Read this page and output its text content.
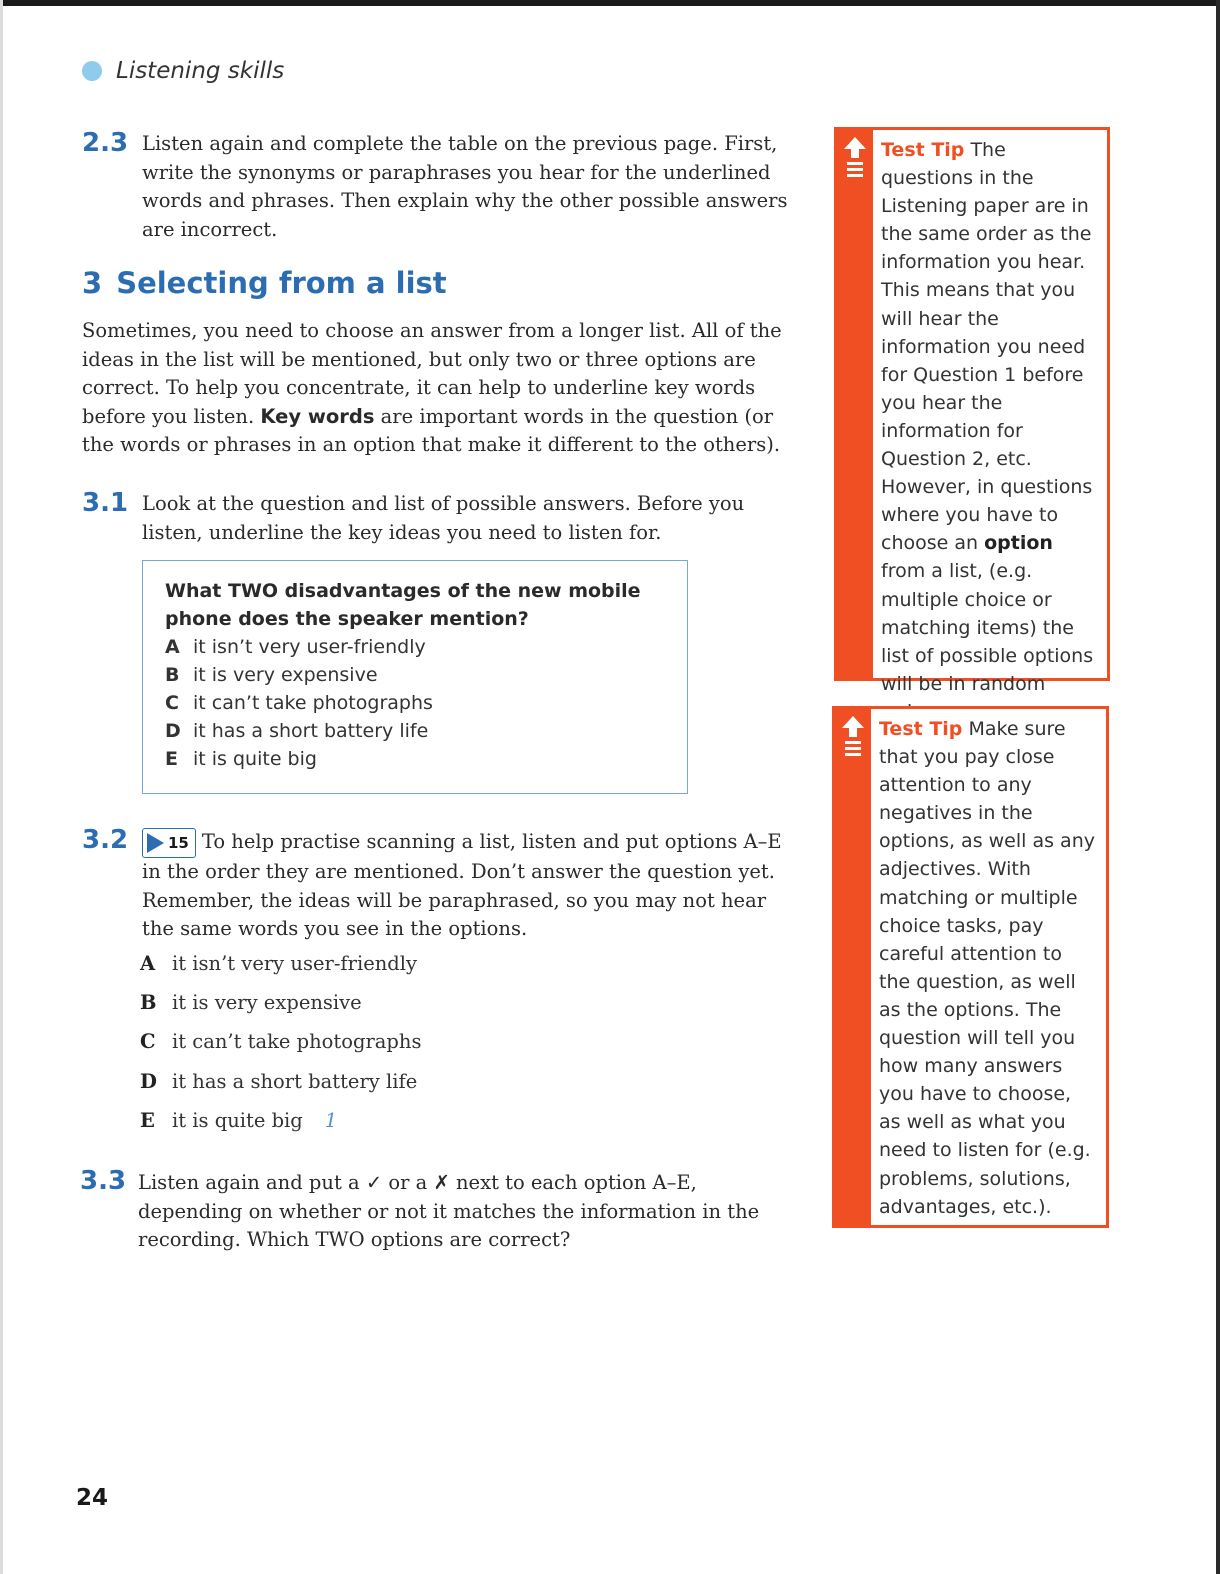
Listening skills
2.3 Listen again and complete the table on the previous page. First, write the synonyms or paraphrases you hear for the underlined words and phrases. Then explain why the other possible answers are incorrect.
3 Selecting from a list
Sometimes, you need to choose an answer from a longer list. All of the ideas in the list will be mentioned, but only two or three options are correct. To help you concentrate, it can help to underline key words before you listen. Key words are important words in the question (or the words or phrases in an option that make it different to the others).
3.1 Look at the question and list of possible answers. Before you listen, underline the key ideas you need to listen for.
What TWO disadvantages of the new mobile phone does the speaker mention?
A it isn’t very user-friendly
B it is very expensive
C it can’t take photographs
D it has a short battery life
E it is quite big
3.2	15 To help practise scanning a list, listen and put options A–E in the order they are mentioned. Don’t answer the question yet. Remember, the ideas will be paraphrased, so you may not hear the same words you see in the options.
A it isn’t very user-friendly
B it is very expensive
C it can’t take photographs
D it has a short battery life
E it is quite big 1
3.3 Listen again and put a ✓ or a ✗ next to each option A–E, depending on whether or not it matches the information in the recording. Which TWO options are correct?
Test Tip The questions in the Listening paper are in the same order as the information you hear. This means that you will hear the information you need for Question 1 before you hear the information for Question 2, etc. However, in questions where you have to choose an option from a list, (e.g. multiple choice or matching items) the list of possible options will be in random
Test Tip Make sure that you pay close attention to any negatives in the options, as well as any adjectives. With matching or multiple choice tasks, pay careful attention to the question, as well as the options. The question will tell you how many answers you have to choose, as well as what you need to listen for (e.g. problems, solutions, advantages, etc.).
24
